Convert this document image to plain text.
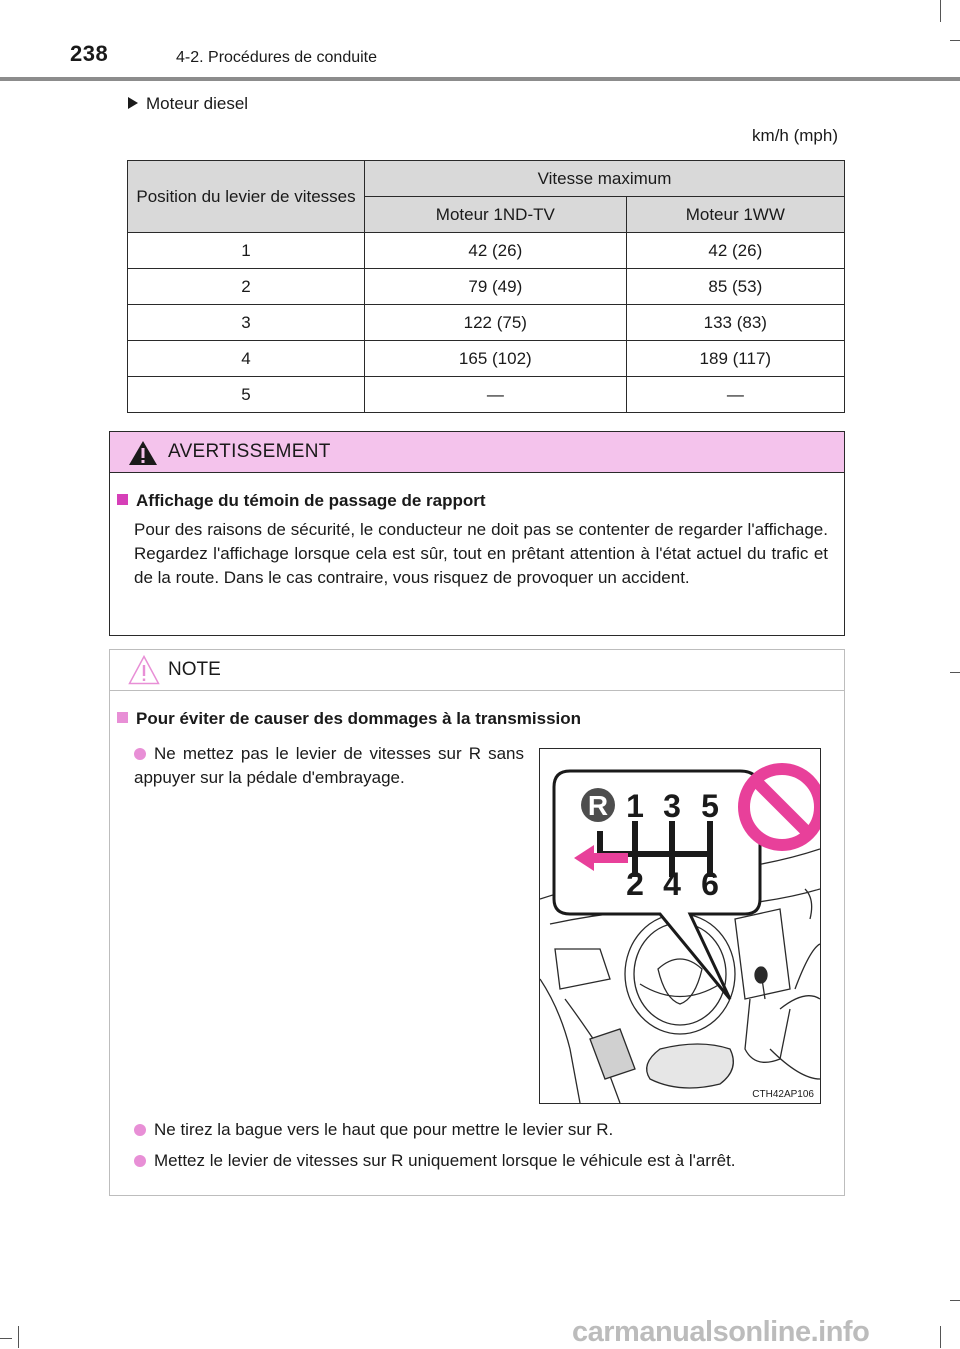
238	4-2. Procédures de conduite
Moteur diesel
km/h (mph)
Position du levier de vitesses	Vitesse maximum	
	Moteur 1ND-TV	Moteur 1WW
1	42 (26)	42 (26)
2	79 (49)	85 (53)
3	122 (75)	133 (83)
4	165 (102)	189 (117)
5	—	—
AVERTISSEMENT
Affichage du témoin de passage de rapport
Pour des raisons de sécurité, le conducteur ne doit pas se contenter de regarder l'affichage. Regardez l'affichage lorsque cela est sûr, tout en prêtant attention à l'état actuel du trafic et de la route. Dans le cas contraire, vous risquez de provoquer un accident.
NOTE
Pour éviter de causer des dommages à la transmission
Ne mettez pas le levier de vitesses sur R sans appuyer sur la pédale d'embrayage.
R 1 3 5
2 4 6
CTH42AP106
Ne tirez la bague vers le haut que pour mettre le levier sur R.
Mettez le levier de vitesses sur R uniquement lorsque le véhicule est à l'arrêt.
carmanualsonline.info
